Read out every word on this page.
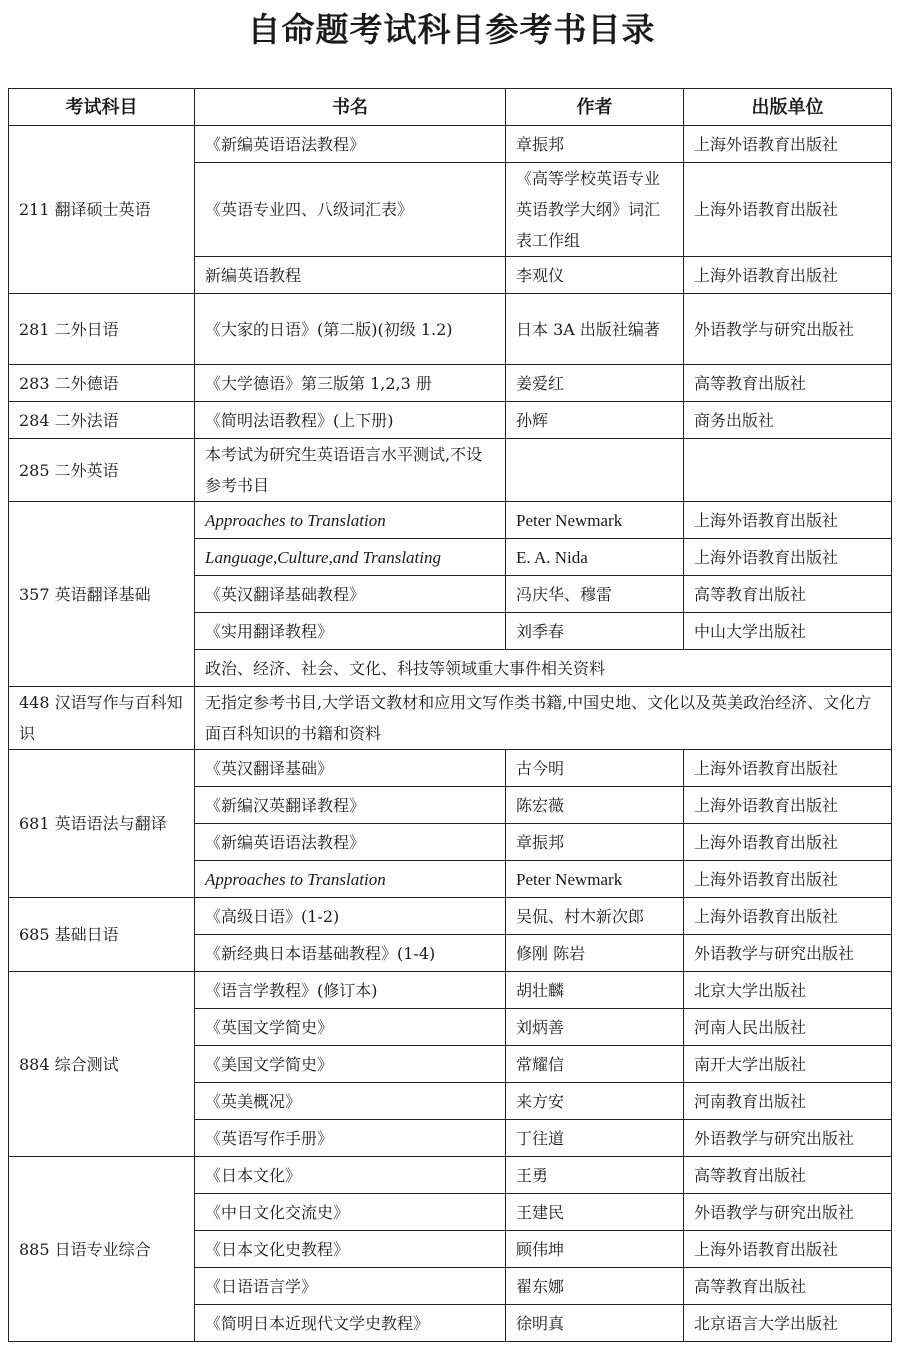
自命题考试科目参考书目录
考试科目	书名	作者	出版单位
211 翻译硕士英语	《新编英语语法教程》	章振邦	上海外语教育出版社
	《英语专业四、八级词汇表》	《高等学校英语专业英语教学大纲》词汇表工作组	上海外语教育出版社
	新编英语教程	李观仪	上海外语教育出版社
281 二外日语	《大家的日语》(第二版)(初级 1.2)	日本 3A 出版社编著	外语教学与研究出版社
283 二外德语	《大学德语》第三版第 1,2,3 册	姜爱红	高等教育出版社
284 二外法语	《简明法语教程》(上下册)	孙辉	商务出版社
285 二外英语	本考试为研究生英语语言水平测试,不设参考书目		
357 英语翻译基础	Approaches to Translation	Peter Newmark	上海外语教育出版社
	Language,Culture,and Translating	E. A. Nida	上海外语教育出版社
	《英汉翻译基础教程》	冯庆华、穆雷	高等教育出版社
	《实用翻译教程》	刘季春	中山大学出版社
	政治、经济、社会、文化、科技等领域重大事件相关资料		
448 汉语写作与百科知识	无指定参考书目,大学语文教材和应用文写作类书籍,中国史地、文化以及英美政治经济、文化方面百科知识的书籍和资料		
681 英语语法与翻译	《英汉翻译基础》	古今明	上海外语教育出版社
	《新编汉英翻译教程》	陈宏薇	上海外语教育出版社
	《新编英语语法教程》	章振邦	上海外语教育出版社
	Approaches to Translation	Peter Newmark	上海外语教育出版社
685 基础日语	《高级日语》(1-2)	吴侃、村木新次郎	上海外语教育出版社
	《新经典日本语基础教程》(1-4)	修刚 陈岩	外语教学与研究出版社
884 综合测试	《语言学教程》(修订本)	胡壮麟	北京大学出版社
	《英国文学简史》	刘炳善	河南人民出版社
	《美国文学简史》	常耀信	南开大学出版社
	《英美概况》	来方安	河南教育出版社
	《英语写作手册》	丁往道	外语教学与研究出版社
885 日语专业综合	《日本文化》	王勇	高等教育出版社
	《中日文化交流史》	王建民	外语教学与研究出版社
	《日本文化史教程》	顾伟坤	上海外语教育出版社
	《日语语言学》	翟东娜	高等教育出版社
	《简明日本近现代文学史教程》	徐明真	北京语言大学出版社
